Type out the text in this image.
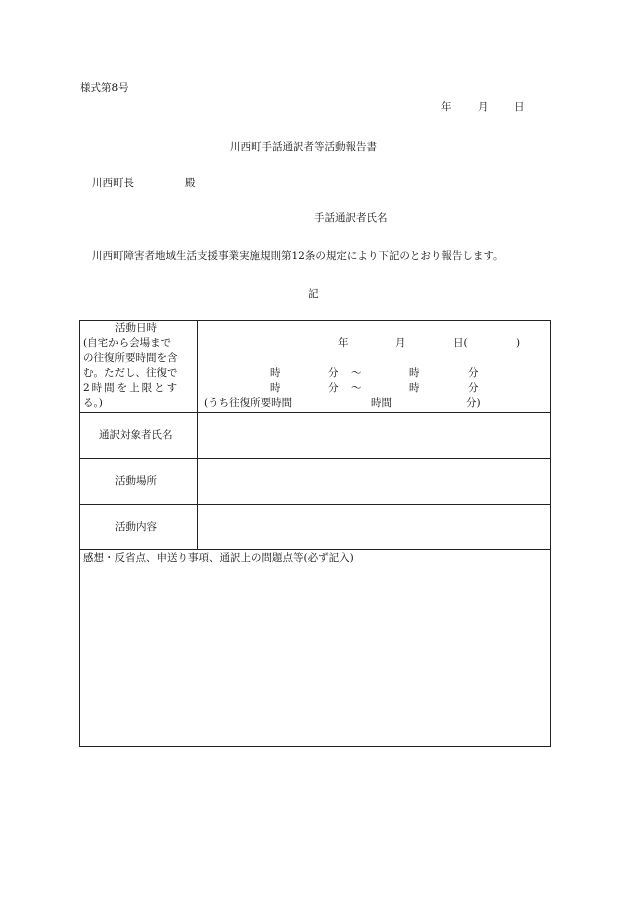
様式第8号
年	月 日
川西町手話通訳者等活動報告書
川西町長	殿
手話通訳者氏名
川西町障害者地域生活支援事業実施規則第12条の規定により下記のとおり報告します。
記
活動日時
(自宅から会場まで
の往復所要時間を含
む。ただし、往復で
2時間を上限とす
る。)
年	月	日(	)
時	分 ～	時	分
時	分 ～	時	分
(うち往復所要時間	時間	分)
通訳対象者氏名
活動場所
活動内容
感想・反省点、申送り事項、通訳上の問題点等(必ず記入)
